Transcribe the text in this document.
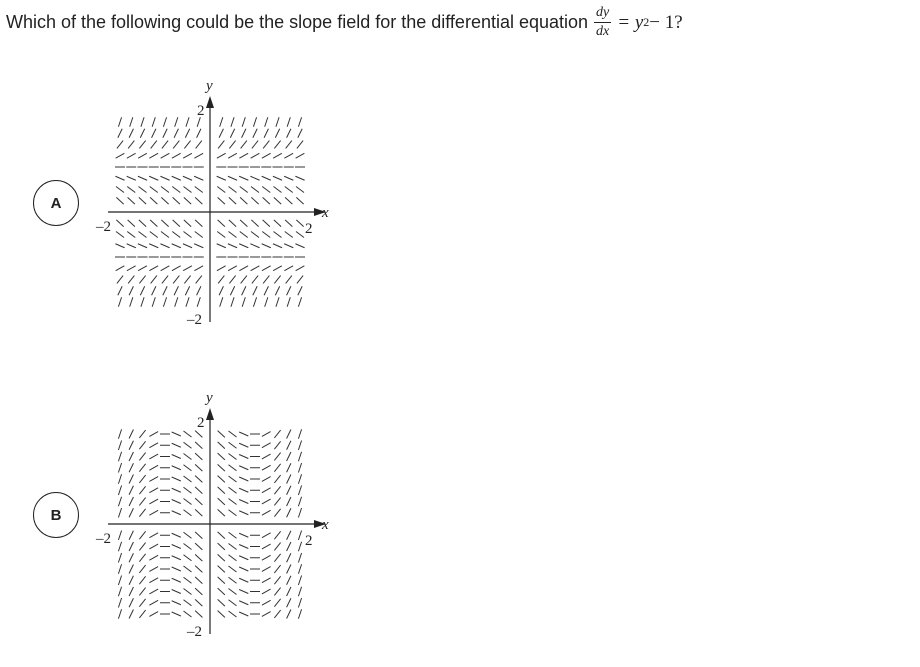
Which of the following could be the slope field for the differential equation $\frac{dy}{dx} = y$ 2 − 1?
A
y
x
2
–2
2
–2
B
y
x
2
–2
2
–2
